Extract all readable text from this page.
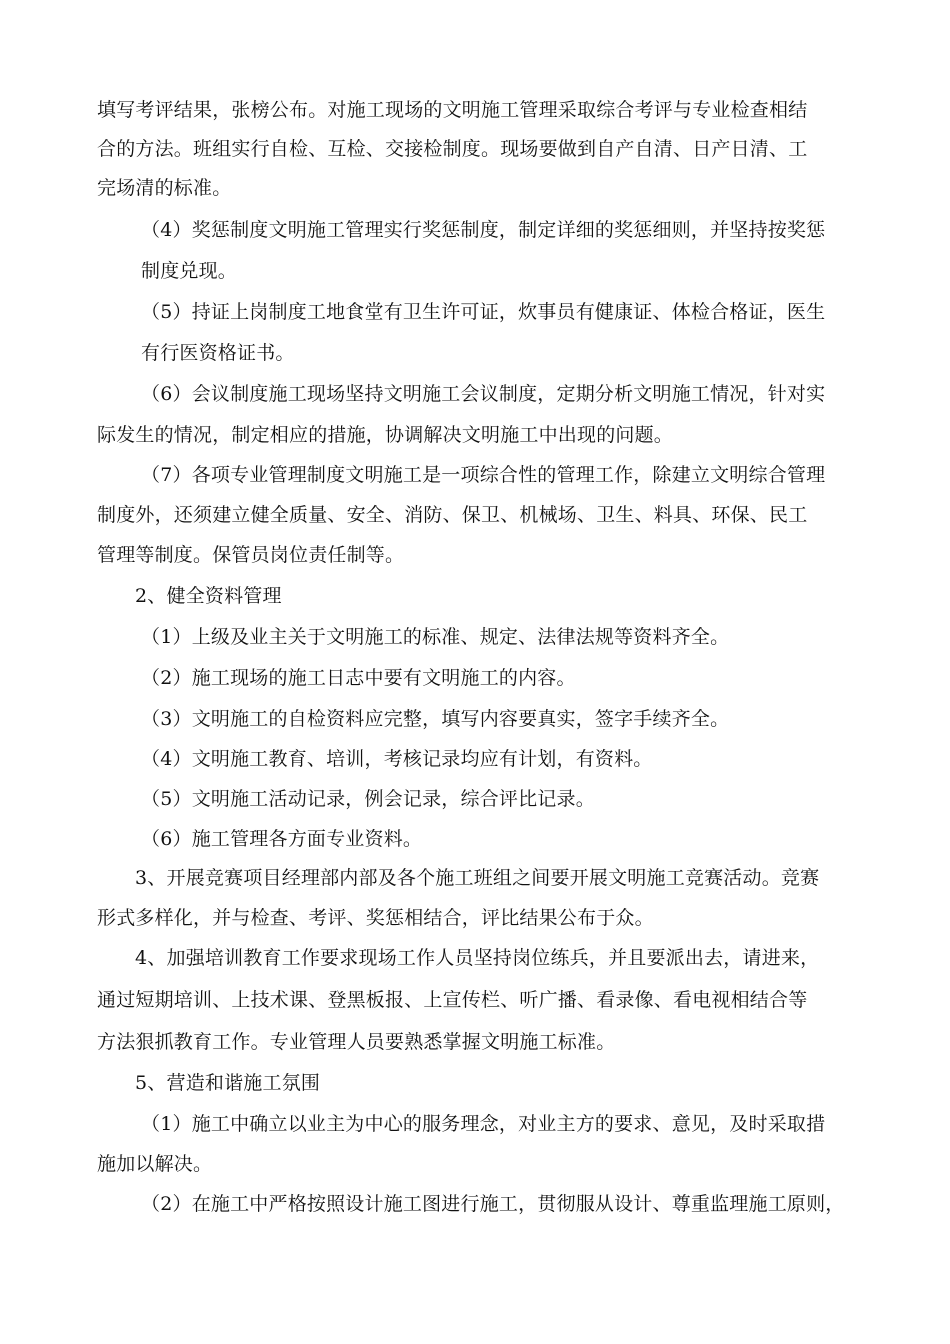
填写考评结果，张榜公布。对施工现场的文明施工管理采取综合考评与专业检查相结
合的方法。班组实行自检、互检、交接检制度。现场要做到自产自清、日产日清、工
完场清的标准。
（4）奖惩制度文明施工管理实行奖惩制度，制定详细的奖惩细则，并坚持按奖惩
制度兑现。
（5）持证上岗制度工地食堂有卫生许可证，炊事员有健康证、体检合格证，医生
有行医资格证书。
（6）会议制度施工现场坚持文明施工会议制度，定期分析文明施工情况，针对实
际发生的情况，制定相应的措施，协调解决文明施工中出现的问题。
（7）各项专业管理制度文明施工是一项综合性的管理工作，除建立文明综合管理
制度外，还须建立健全质量、安全、消防、保卫、机械场、卫生、料具、环保、民工
管理等制度。保管员岗位责任制等。
2、健全资料管理
（1）上级及业主关于文明施工的标准、规定、法律法规等资料齐全。
（2）施工现场的施工日志中要有文明施工的内容。
（3）文明施工的自检资料应完整，填写内容要真实，签字手续齐全。
（4）文明施工教育、培训，考核记录均应有计划，有资料。
（5）文明施工活动记录，例会记录，综合评比记录。
（6）施工管理各方面专业资料。
3、开展竞赛项目经理部内部及各个施工班组之间要开展文明施工竞赛活动。竞赛
形式多样化，并与检查、考评、奖惩相结合，评比结果公布于众。
4、加强培训教育工作要求现场工作人员坚持岗位练兵，并且要派出去，请进来，
通过短期培训、上技术课、登黑板报、上宣传栏、听广播、看录像、看电视相结合等
方法狠抓教育工作。专业管理人员要熟悉掌握文明施工标准。
5、营造和谐施工氛围
（1）施工中确立以业主为中心的服务理念，对业主方的要求、意见，及时采取措
施加以解决。
（2）在施工中严格按照设计施工图进行施工，贯彻服从设计、尊重监理施工原则，
